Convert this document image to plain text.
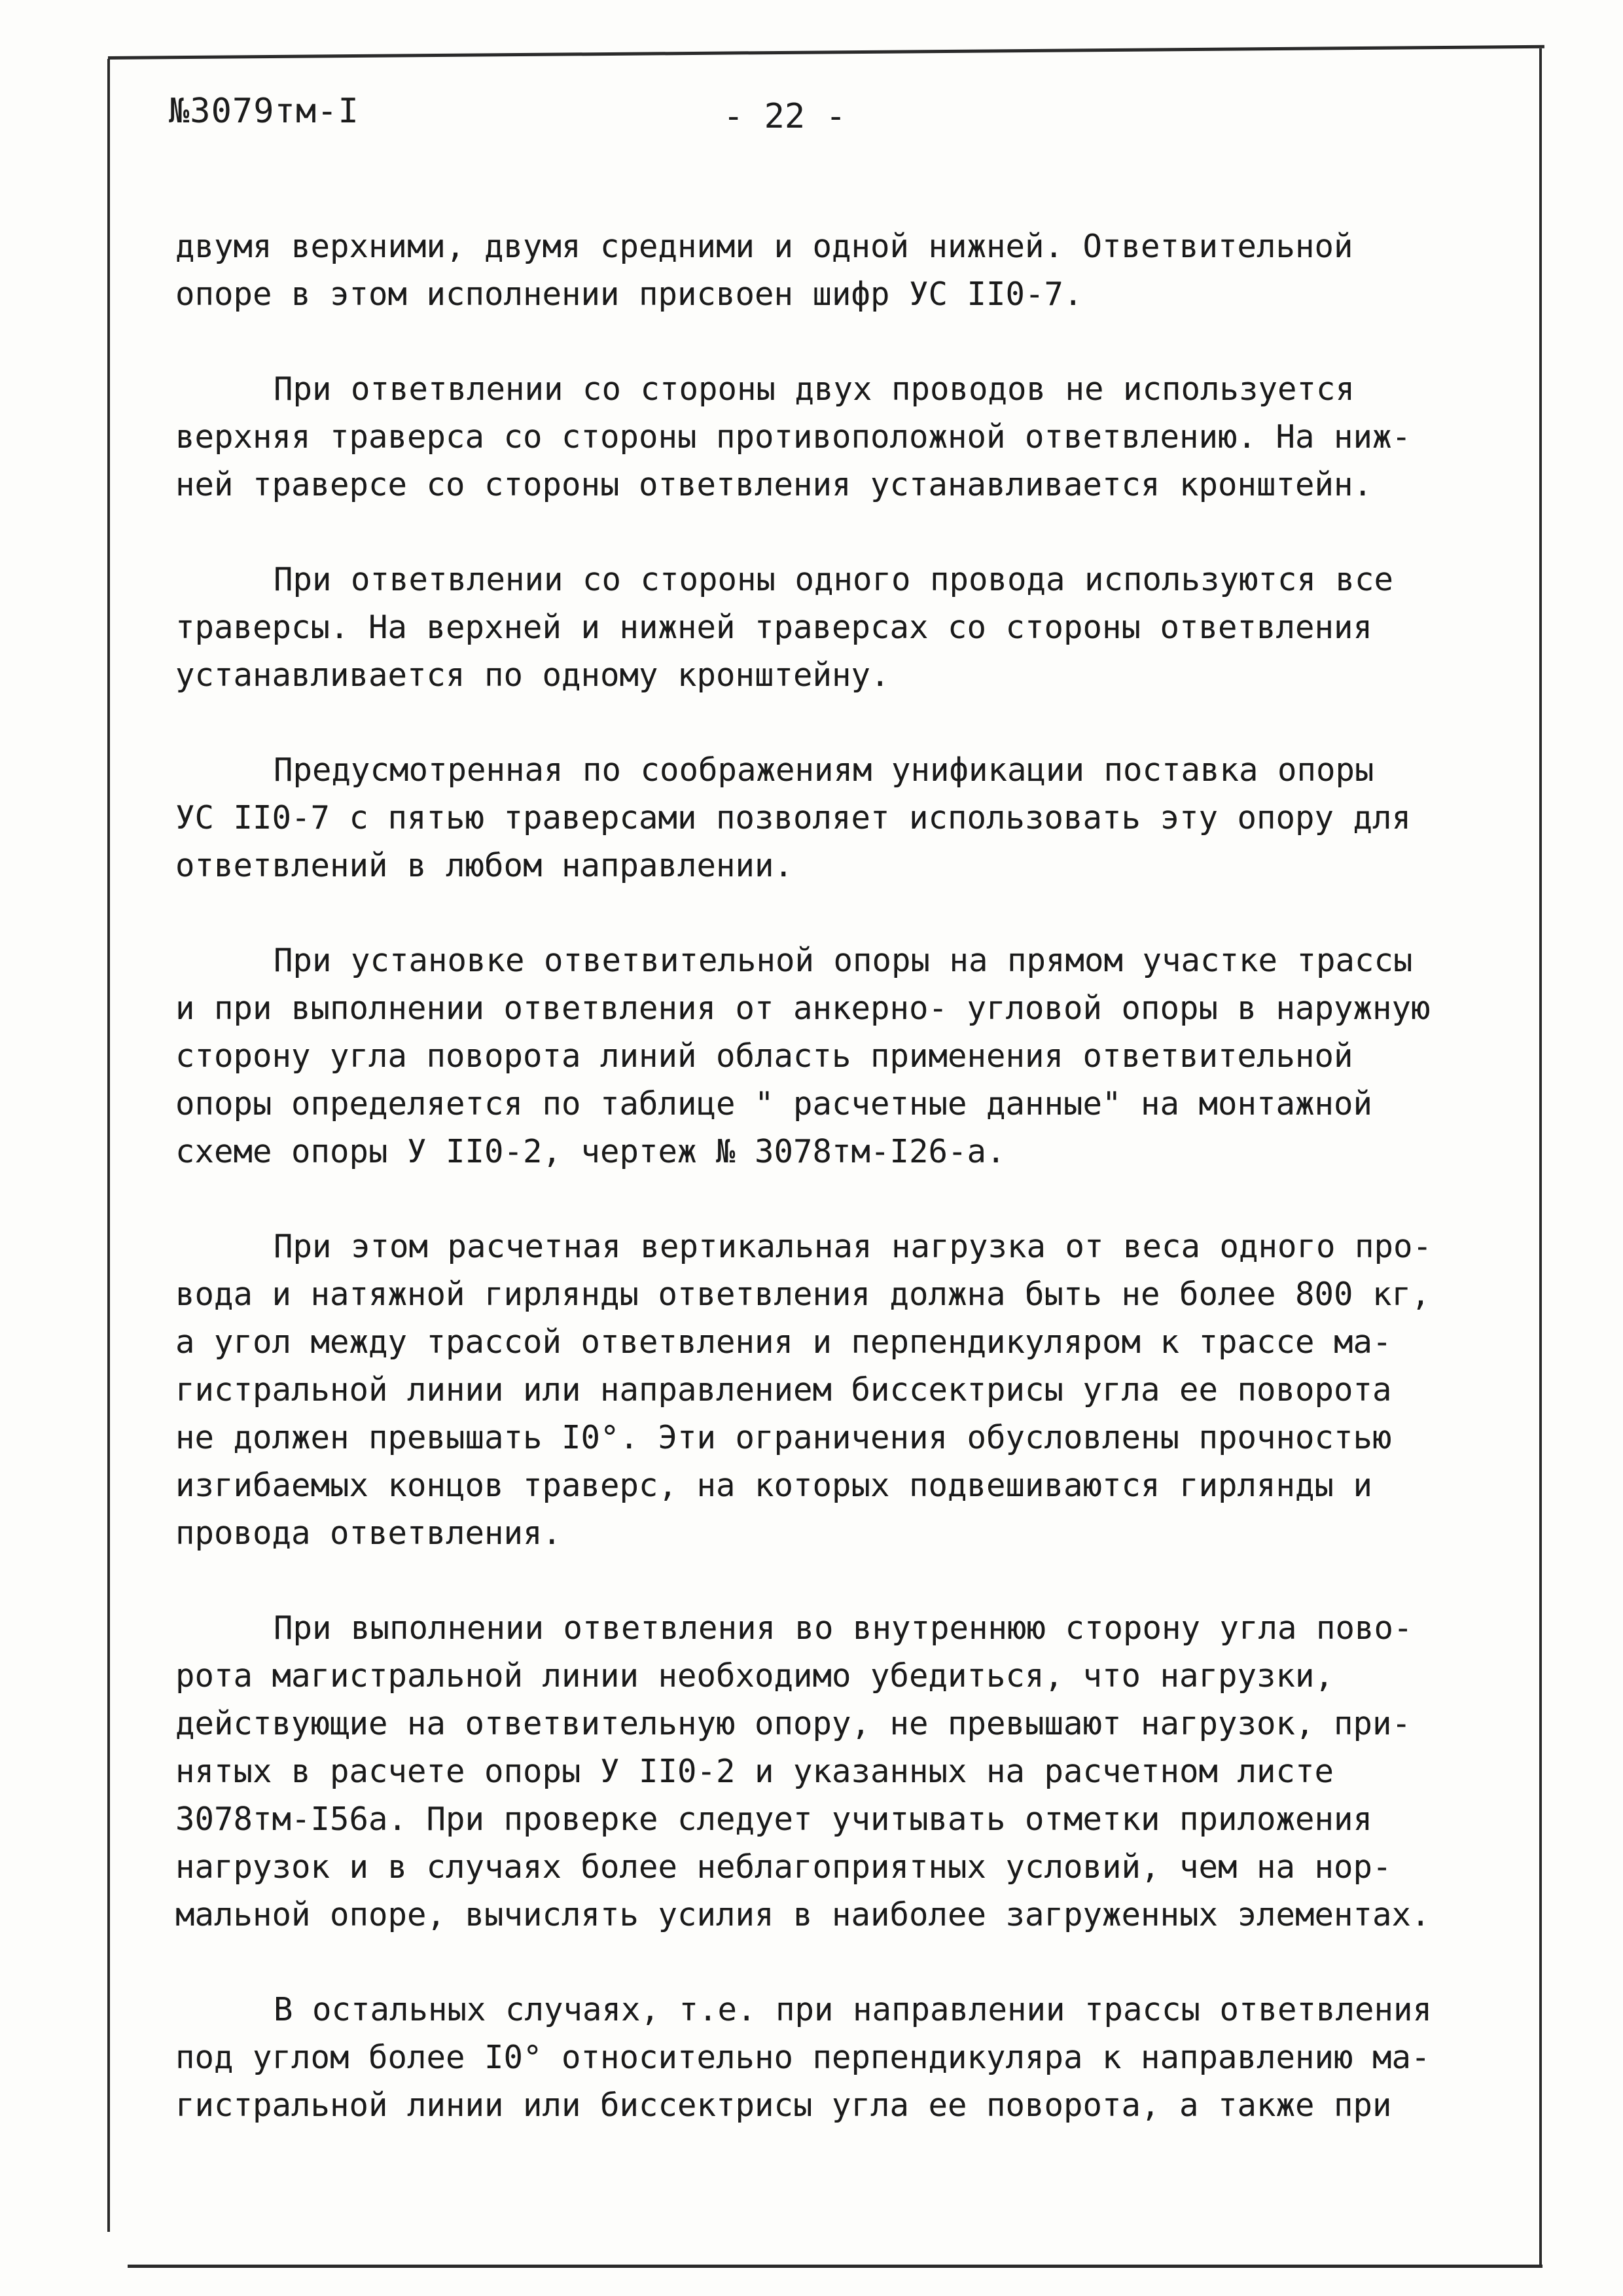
№3079тм-I	- 22 -
двумя верхними, двумя средними и одной нижней. Ответвительной
опоре в этом исполнении присвоен шифр УС II0-7.
При ответвлении со стороны двух проводов не используется
верхняя траверса со стороны противоположной ответвлению. На ниж-
ней траверсе со стороны ответвления устанавливается кронштейн.
При ответвлении со стороны одного провода используются все
траверсы. На верхней и нижней траверсах со стороны ответвления
устанавливается по одному кронштейну.
Предусмотренная по соображениям унификации поставка опоры
УС II0-7 с пятью траверсами позволяет использовать эту опору для
ответвлений в любом направлении.
При установке ответвительной опоры на прямом участке трассы
и при выполнении ответвления от анкерно- угловой опоры в наружную
сторону угла поворота линий область применения ответвительной
опоры определяется по таблице " расчетные данные" на монтажной
схеме опоры У II0-2, чертеж № 3078тм-I26-а.
При этом расчетная вертикальная нагрузка от веса одного про-
вода и натяжной гирлянды ответвления должна быть не более 800 кг,
а угол между трассой ответвления и перпендикуляром к трассе ма-
гистральной линии или направлением биссектрисы угла ее поворота
не должен превышать I0°. Эти ограничения обусловлены прочностью
изгибаемых концов траверс, на которых подвешиваются гирлянды и
провода ответвления.
При выполнении ответвления во внутреннюю сторону угла пово-
рота магистральной линии необходимо убедиться, что нагрузки,
действующие на ответвительную опору, не превышают нагрузок, при-
нятых в расчете опоры У II0-2 и указанных на расчетном листе
3078тм-I56а. При проверке следует учитывать отметки приложения
нагрузок и в случаях более неблагоприятных условий, чем на нор-
мальной опоре, вычислять усилия в наиболее загруженных элементах.
В остальных случаях, т.е. при направлении трассы ответвления
под углом более I0° относительно перпендикуляра к направлению ма-
гистральной линии или биссектрисы угла ее поворота, а также при
